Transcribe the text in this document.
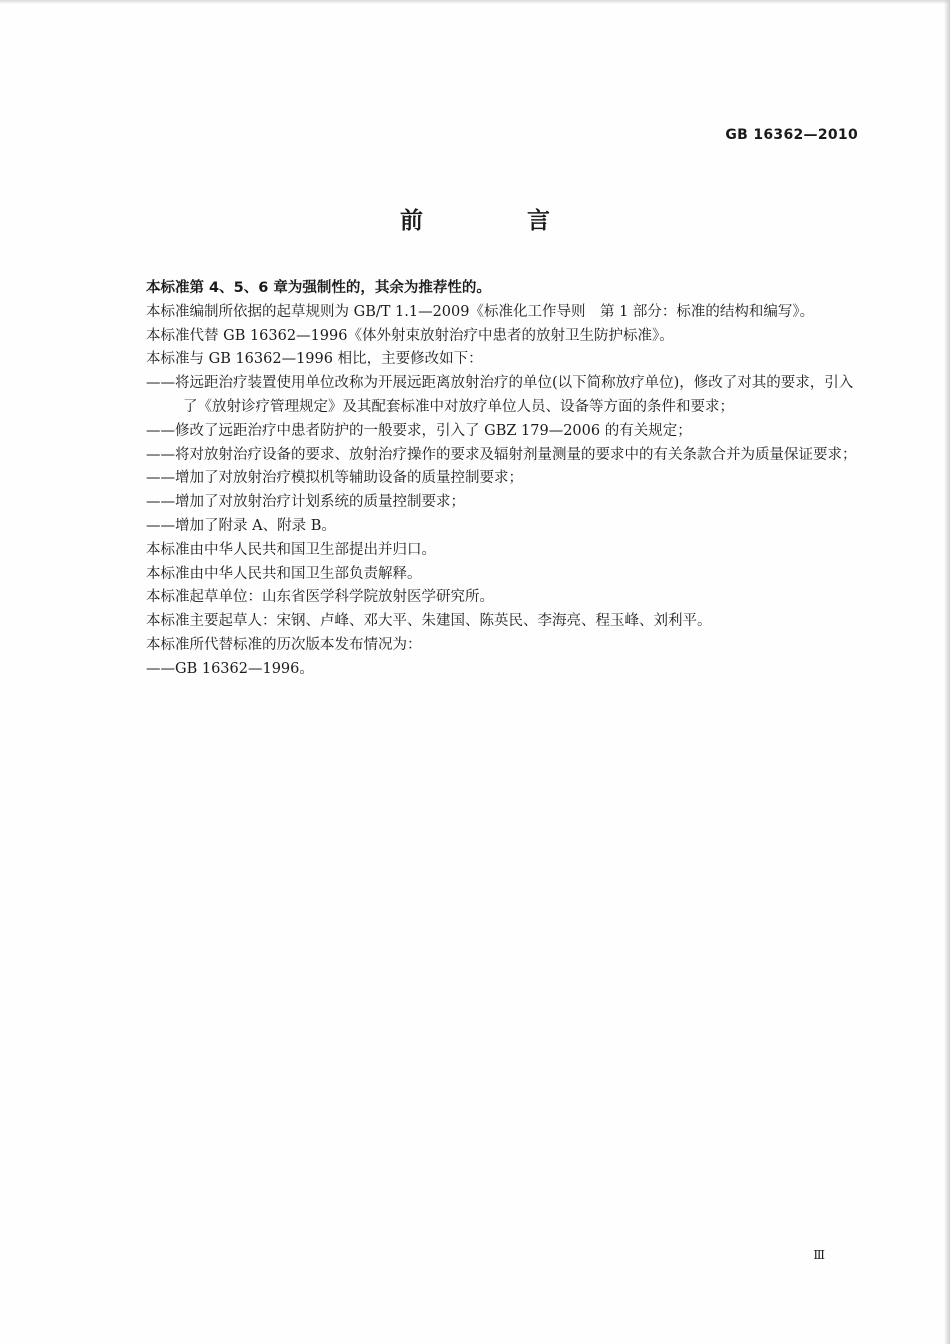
GB 16362—2010
前 言

本标准第 4、5、6 章为强制性的，其余为推荐性的。

本标准编制所依据的起草规则为 GB/T 1.1—2009《标准化工作导则　第 1 部分：标准的结构和编写》。

本标准代替 GB 16362—1996《体外射束放射治疗中患者的放射卫生防护标准》。

本标准与 GB 16362—1996 相比，主要修改如下：

——将远距治疗装置使用单位改称为开展远距离放射治疗的单位(以下简称放疗单位)，修改了对其的要求，引入了《放射诊疗管理规定》及其配套标准中对放疗单位人员、设备等方面的条件和要求；

——修改了远距治疗中患者防护的一般要求，引入了 GBZ 179—2006 的有关规定；

——将对放射治疗设备的要求、放射治疗操作的要求及辐射剂量测量的要求中的有关条款合并为质量保证要求；

——增加了对放射治疗模拟机等辅助设备的质量控制要求；

——增加了对放射治疗计划系统的质量控制要求；

——增加了附录 A、附录 B。

本标准由中华人民共和国卫生部提出并归口。

本标准由中华人民共和国卫生部负责解释。

本标准起草单位：山东省医学科学院放射医学研究所。

本标准主要起草人：宋钢、卢峰、邓大平、朱建国、陈英民、李海亮、程玉峰、刘利平。

本标准所代替标准的历次版本发布情况为：

——GB 16362—1996。

Ⅲ
